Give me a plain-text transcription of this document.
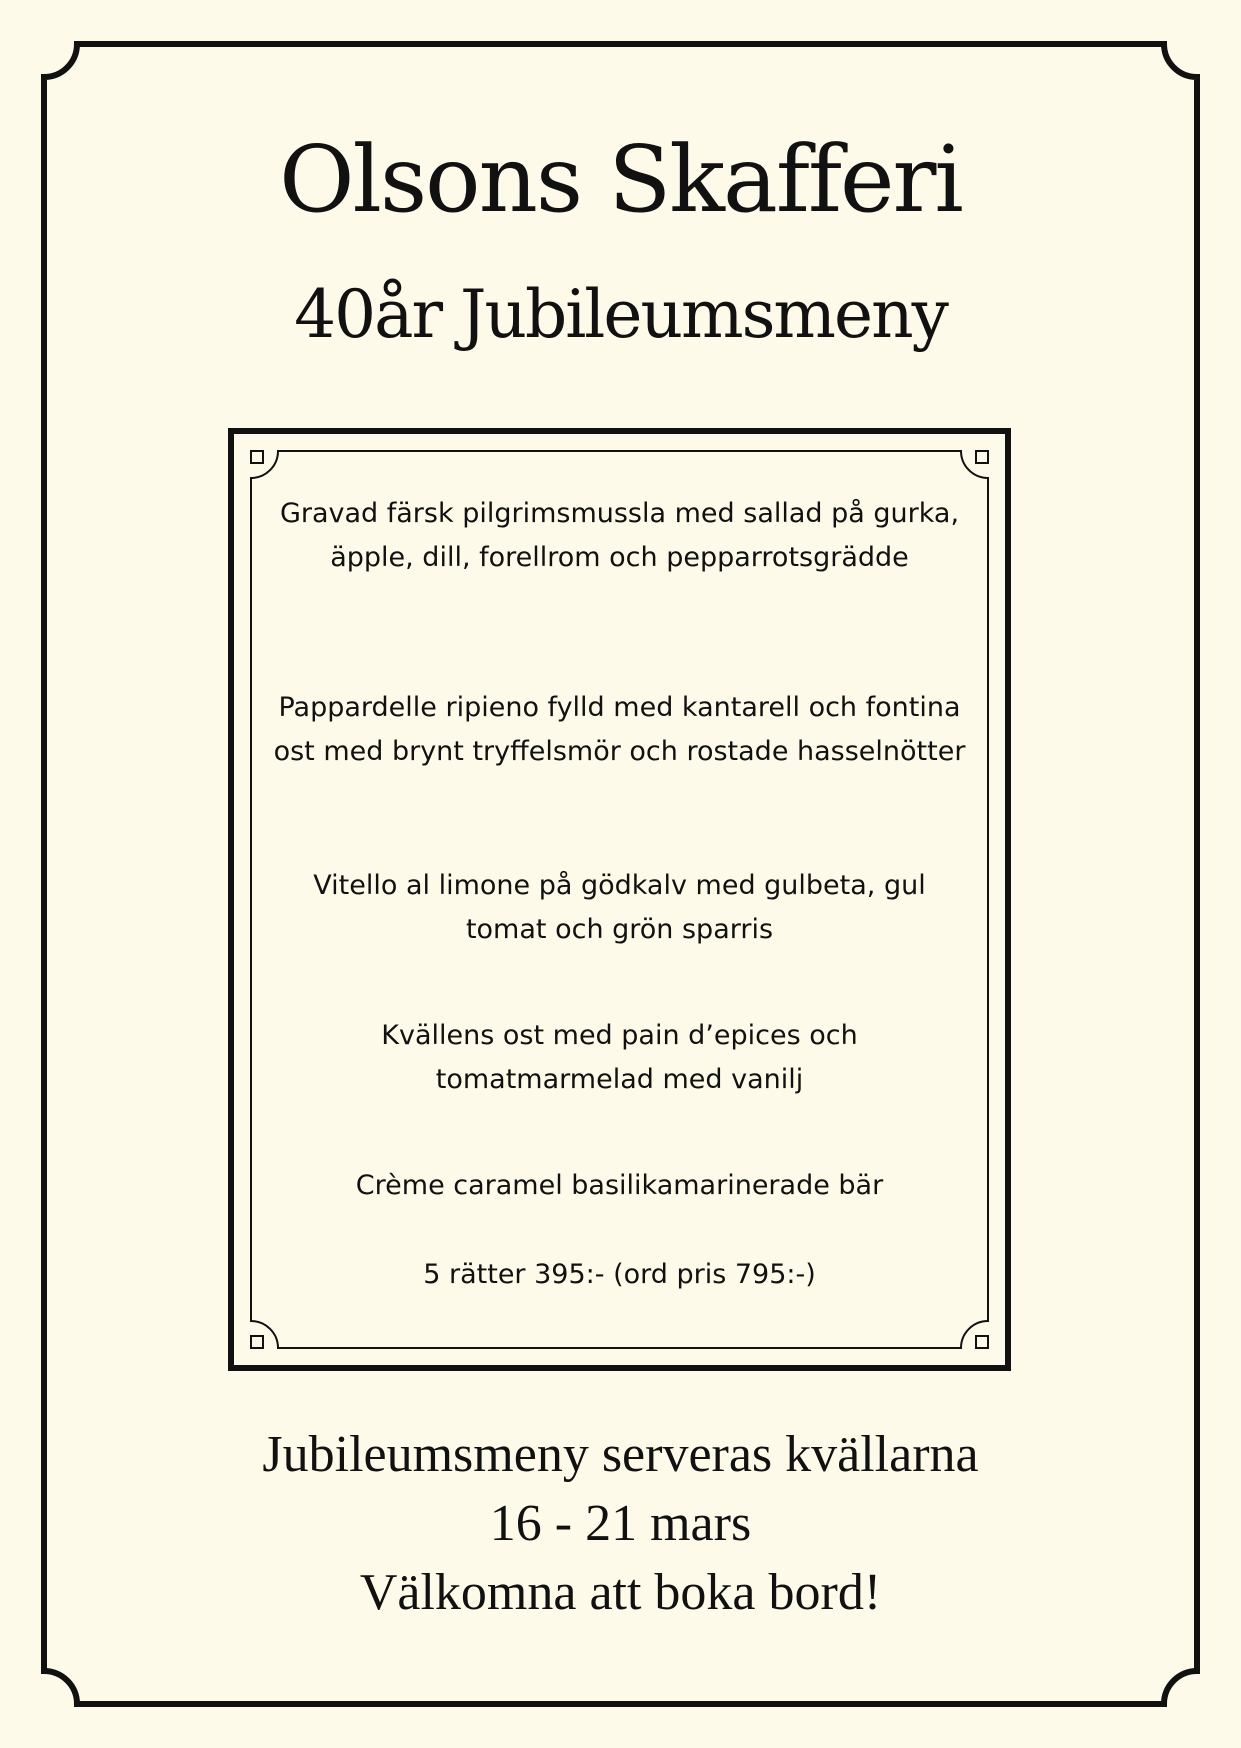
Olsons Skafferi
40år Jubileumsmeny

Gravad färsk pilgrimsmussla med sallad på gurka, äpple, dill, forellrom och pepparrotsgrädde

Pappardelle ripieno fylld med kantarell och fontina ost med brynt tryffelsmör och rostade hasselnötter

Vitello al limone på gödkalv med gulbeta, gul tomat och grön sparris

Kvällens ost med pain d’epices och tomatmarmelad med vanilj

Crème caramel basilikamarinerade bär

5 rätter 395:- (ord pris 795:-)

Jubileumsmeny serveras kvällarna
16 - 21 mars
Välkomna att boka bord!
